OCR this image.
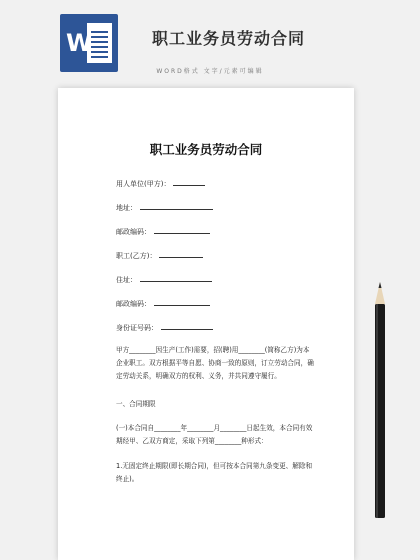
W	职工业务员劳动合同
WORD格式 文字/元素可编辑
职工业务员劳动合同
用人单位(甲方)：
地址：
邮政编码：
职工(乙方)：
住址：
邮政编码：
身份证号码：
甲方________因生产(工作)需要，招(聘)用________(简称乙方)为本企业职工。双方根据平等自愿、协商一致的原则，订立劳动合同，确定劳动关系，明确双方的权利、义务，并共同遵守履行。
一、合同期限
(一)本合同自________年________月________日起生效，本合同有效期经甲、乙双方商定，采取下列第________种形式：
1.无固定终止期限(即长期合同)，但可按本合同第九条变更、解除和终止)。
